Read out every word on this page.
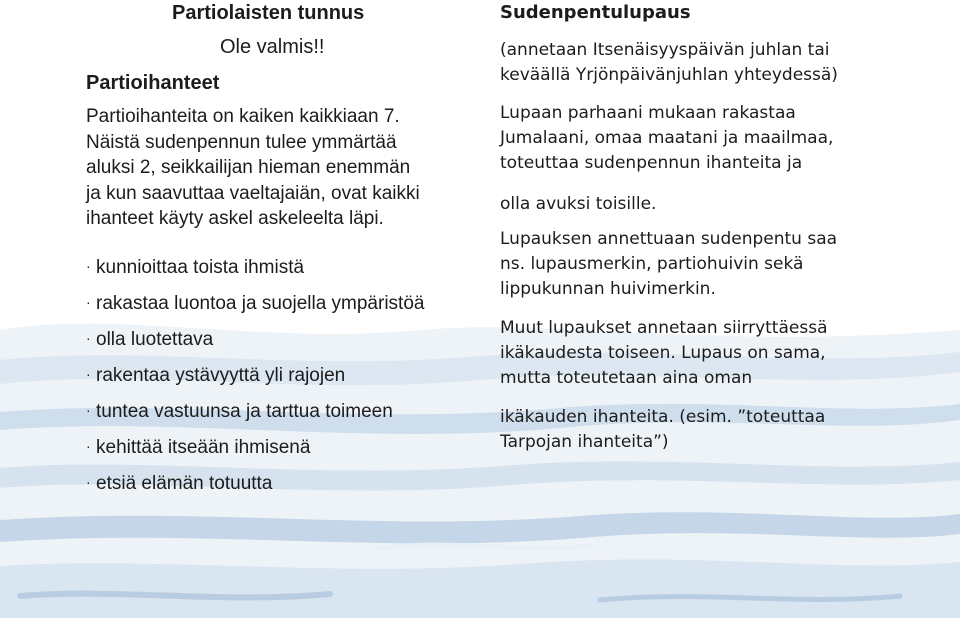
Partiolaisten tunnus
Ole valmis!!
Partioihanteet

Partioihanteita on kaiken kaikkiaan 7.

Näistä sudenpennun tulee ymmärtää

aluksi 2, seikkailijan hieman enemmän

ja kun saavuttaa vaeltajaiän, ovat kaikki

ihanteet käyty askel askeleelta läpi.

· kunnioittaa toista ihmistä
· rakastaa luontoa ja suojella ympäristöä
· olla luotettava
· rakentaa ystävyyttä yli rajojen
· tuntea vastuunsa ja tarttua toimeen
· kehittää itseään ihmisenä
· etsiä elämän totuutta
Sudenpentulupaus

(annetaan Itsenäisyyspäivän juhlan tai

keväällä Yrjönpäivänjuhlan yhteydessä)

Lupaan parhaani mukaan rakastaa

Jumalaani, omaa maatani ja maailmaa,

toteuttaa sudenpennun ihanteita ja

olla avuksi toisille.

Lupauksen annettuaan sudenpentu saa

ns. lupausmerkin, partiohuivin sekä

lippukunnan huivimerkin.

Muut lupaukset annetaan siirryttäessä

ikäkaudesta toiseen. Lupaus on sama,

mutta toteutetaan aina oman

ikäkauden ihanteita. (esim. ”toteuttaa

Tarpojan ihanteita”)
